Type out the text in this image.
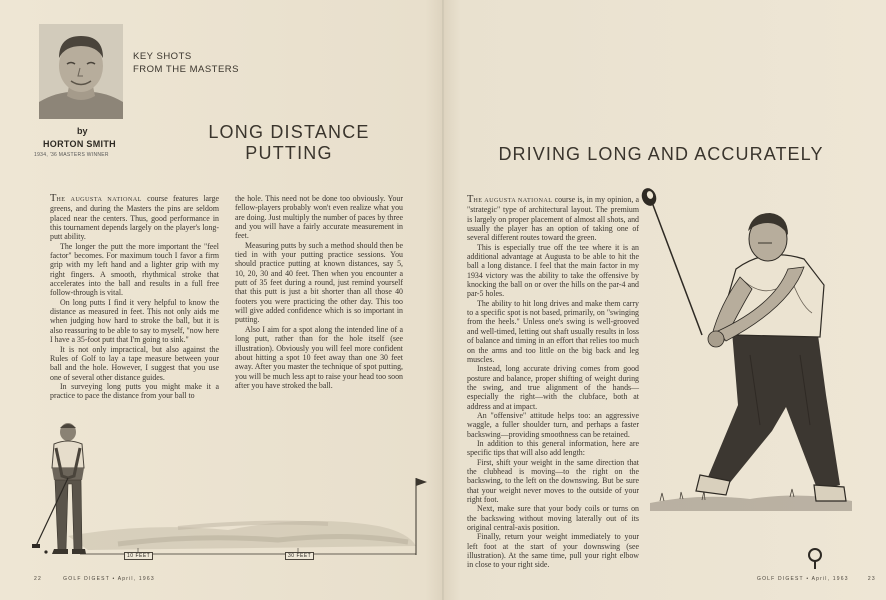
KEY SHOTS
FROM THE MASTERS
by
HORTON SMITH
1934, '36 MASTERS WINNER
LONG DISTANCE
PUTTING	DRIVING LONG AND ACCURATELY

THE AUGUSTA NATIONAL course features large greens, and during the Masters the pins are seldom placed near the centers. Thus, good performance in this tournament depends largely on the player's long-putt ability.

The longer the putt the more important the "feel factor" becomes. For maximum touch I favor a firm grip with my left hand and a lighter grip with my right fingers. A smooth, rhythmical stroke that accelerates into the ball and results in a full free follow-through is vital.

On long putts I find it very helpful to know the distance as measured in feet. This not only aids me when judging how hard to stroke the ball, but it is also reassuring to be able to say to myself, "now here I have a 35-foot putt that I'm going to sink."

It is not only impractical, but also against the Rules of Golf to lay a tape measure between your ball and the hole. However, I suggest that you use one of several other distance guides.

In surveying long putts you might make it a practice to pace the distance from your ball to

the hole. This need not be done too obviously. Your fellow-players probably won't even realize what you are doing. Just multiply the number of paces by three and you will have a fairly accurate measurement in feet.

Measuring putts by such a method should then be tied in with your putting practice sessions. You should practice putting at known distances, say 5, 10, 20, 30 and 40 feet. Then when you encounter a putt of 35 feet during a round, just remind yourself that this putt is just a bit shorter than all those 40 footers you were practicing the other day. This too will give added confidence which is so important in putting.

Also I aim for a spot along the intended line of a long putt, rather than for the hole itself (see illustration). Obviously you will feel more confident about hitting a spot 10 feet away than one 30 feet away. After you master the technique of spot putting, you will be much less apt to raise your head too soon after you have stroked the ball.

10 FEET	30 FEET

THE AUGUSTA NATIONAL course is, in my opinion, a "strategic" type of architectural layout. The premium is largely on proper placement of almost all shots, and usually the player has an option of taking one of several different routes toward the green.

This is especially true off the tee where it is an additional advantage at Augusta to be able to hit the ball a long distance. I feel that the main factor in my 1934 victory was the ability to take the offensive by knocking the ball on or over the hills on the par-4 and par-5 holes.

The ability to hit long drives and make them carry to a specific spot is not based, primarily, on "swinging from the heels." Unless one's swing is well-grooved and well-timed, letting out shaft usually results in loss of balance and timing in an effort that relies too much on the arms and too little on the big back and leg muscles.

Instead, long accurate driving comes from good posture and balance, proper shifting of weight during the swing, and true alignment of the hands—especially the right—with the clubface, both at address and at impact.

An "offensive" attitude helps too: an aggressive waggle, a fuller shoulder turn, and perhaps a faster backswing—providing smoothness can be retained.

In addition to this general information, here are specific tips that will also add length:

First, shift your weight in the same direction that the clubhead is moving—to the right on the backswing, to the left on the downswing. But be sure that your weight never moves to the outside of your right foot.

Next, make sure that your body coils or turns on the backswing without moving laterally out of its original central-axis position.

Finally, return your weight immediately to your left foot at the start of your downswing (see illustration). At the same time, pull your right elbow in close to your right side.

22	GOLF DIGEST • April, 1963	GOLF DIGEST • April, 1963	23
